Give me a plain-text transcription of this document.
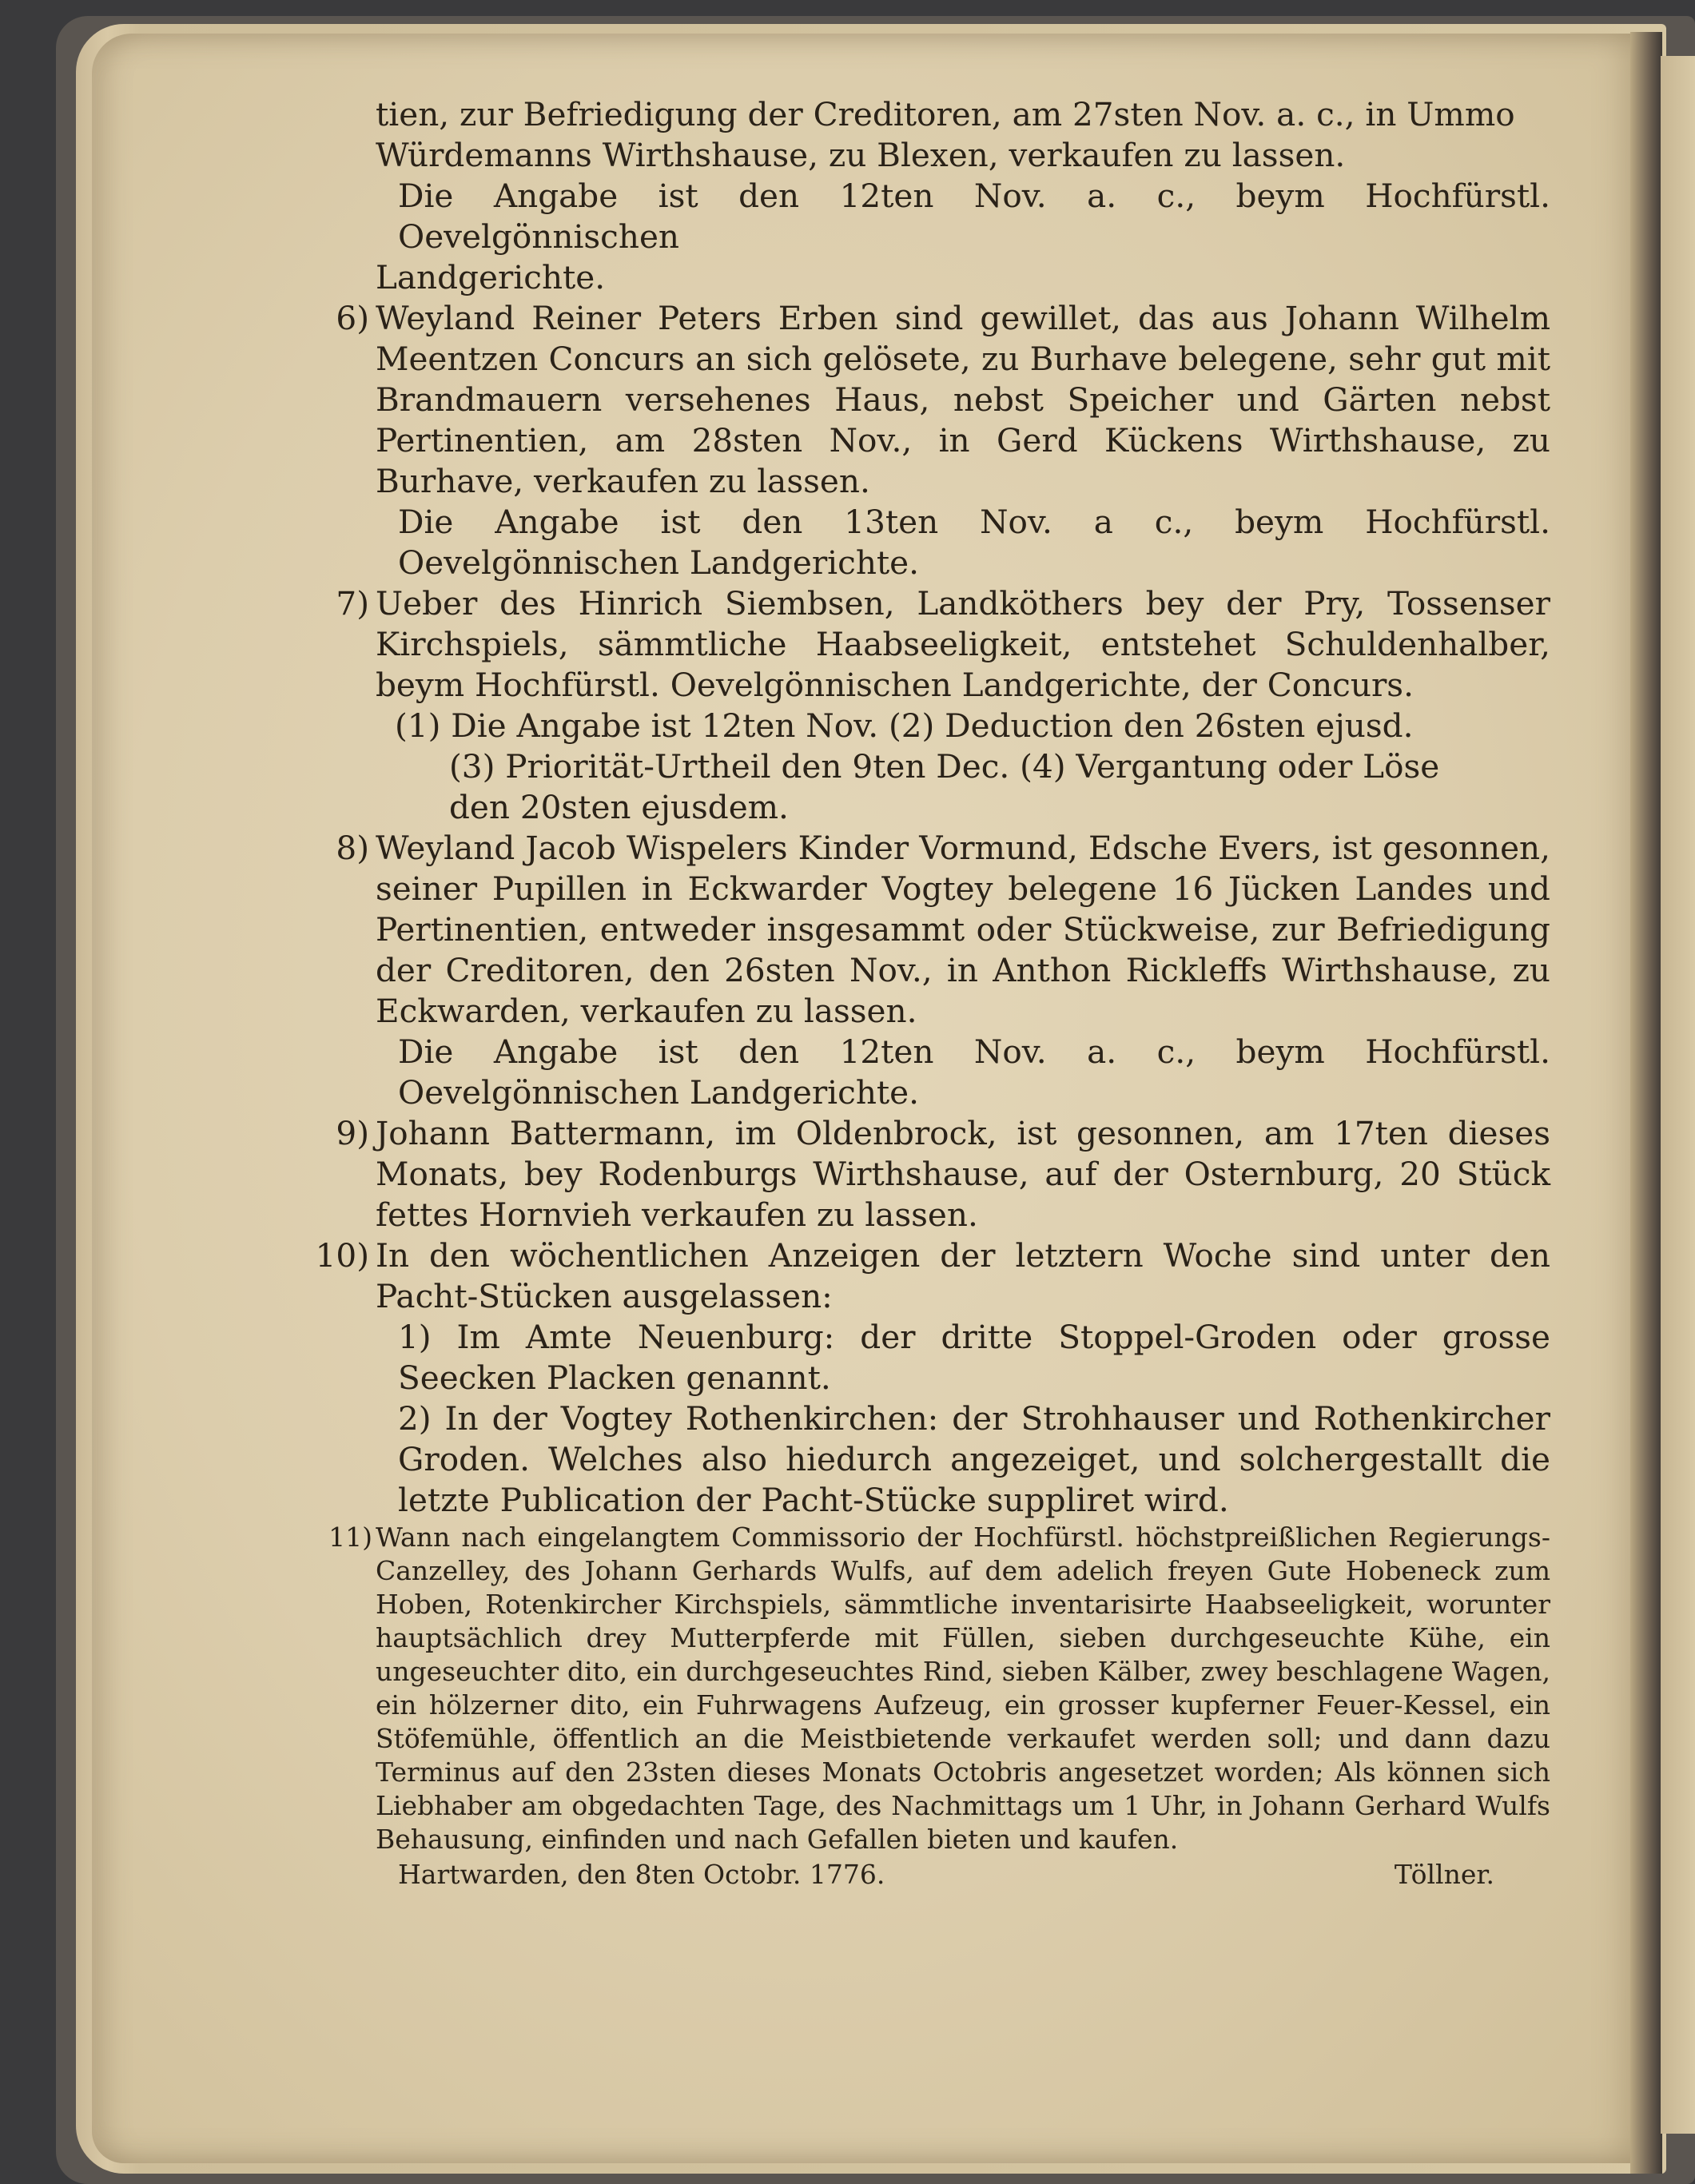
tien, zur Befriedigung der Creditoren, am 27sten Nov. a. c., in Ummo

Würdemanns Wirthshause, zu Blexen, verkaufen zu lassen.

Die Angabe ist den 12ten Nov. a. c., beym Hochfürstl. Oevelgönnischen

Landgerichte.

6) Weyland Reiner Peters Erben sind gewillet, das aus Johann Wilhelm Meentzen Concurs an sich gelösete, zu Burhave belegene, sehr gut mit Brandmauern versehenes Haus, nebst Speicher und Gärten nebst Pertinentien, am 28sten Nov., in Gerd Kückens Wirthshause, zu Burhave, verkaufen zu lassen.

Die Angabe ist den 13ten Nov. a c., beym Hochfürstl. Oevelgönnischen Landgerichte.

7) Ueber des Hinrich Siembsen, Landköthers bey der Pry, Tossenser Kirchspiels, sämmtliche Haabseeligkeit, entstehet Schuldenhalber, beym Hochfürstl. Oevelgönnischen Landgerichte, der Concurs.

(1) Die Angabe ist 12ten Nov. (2) Deduction den 26sten ejusd.

(3) Priorität-Urtheil den 9ten Dec. (4) Vergantung oder Löse

den 20sten ejusdem.

8) Weyland Jacob Wispelers Kinder Vormund, Edsche Evers, ist gesonnen, seiner Pupillen in Eckwarder Vogtey belegene 16 Jücken Landes und Pertinentien, entweder insgesammt oder Stückweise, zur Befriedigung der Creditoren, den 26sten Nov., in Anthon Rickleffs Wirthshause, zu Eckwarden, verkaufen zu lassen.

Die Angabe ist den 12ten Nov. a. c., beym Hochfürstl. Oevelgönnischen Landgerichte.

9) Johann Battermann, im Oldenbrock, ist gesonnen, am 17ten dieses Monats, bey Rodenburgs Wirthshause, auf der Osternburg, 20 Stück fettes Hornvieh verkaufen zu lassen.

10) In den wöchentlichen Anzeigen der letztern Woche sind unter den Pacht-Stücken ausgelassen:

1) Im Amte Neuenburg: der dritte Stoppel-Groden oder grosse Seecken Placken genannt.

2) In der Vogtey Rothenkirchen: der Strohhauser und Rothenkircher Groden. Welches also hiedurch angezeiget, und solchergestallt die letzte Publication der Pacht-Stücke suppliret wird.

11) Wann nach eingelangtem Commissorio der Hochfürstl. höchstpreißlichen Regierungs-Canzelley, des Johann Gerhards Wulfs, auf dem adelich freyen Gute Hobeneck zum Hoben, Rotenkircher Kirchspiels, sämmtliche inventarisirte Haabseeligkeit, worunter hauptsächlich drey Mutterpferde mit Füllen, sieben durchgeseuchte Kühe, ein ungeseuchter dito, ein durchgeseuchtes Rind, sieben Kälber, zwey beschlagene Wagen, ein hölzerner dito, ein Fuhrwagens Aufzeug, ein grosser kupferner Feuer-Kessel, ein Stöfemühle, öffentlich an die Meistbietende verkaufet werden soll; und dann dazu Terminus auf den 23sten dieses Monats Octobris angesetzet worden; Als können sich Liebhaber am obgedachten Tage, des Nachmittags um 1 Uhr, in Johann Gerhard Wulfs Behausung, einfinden und nach Gefallen bieten und kaufen.

Hartwarden, den 8ten Octobr. 1776.	Töllner.
